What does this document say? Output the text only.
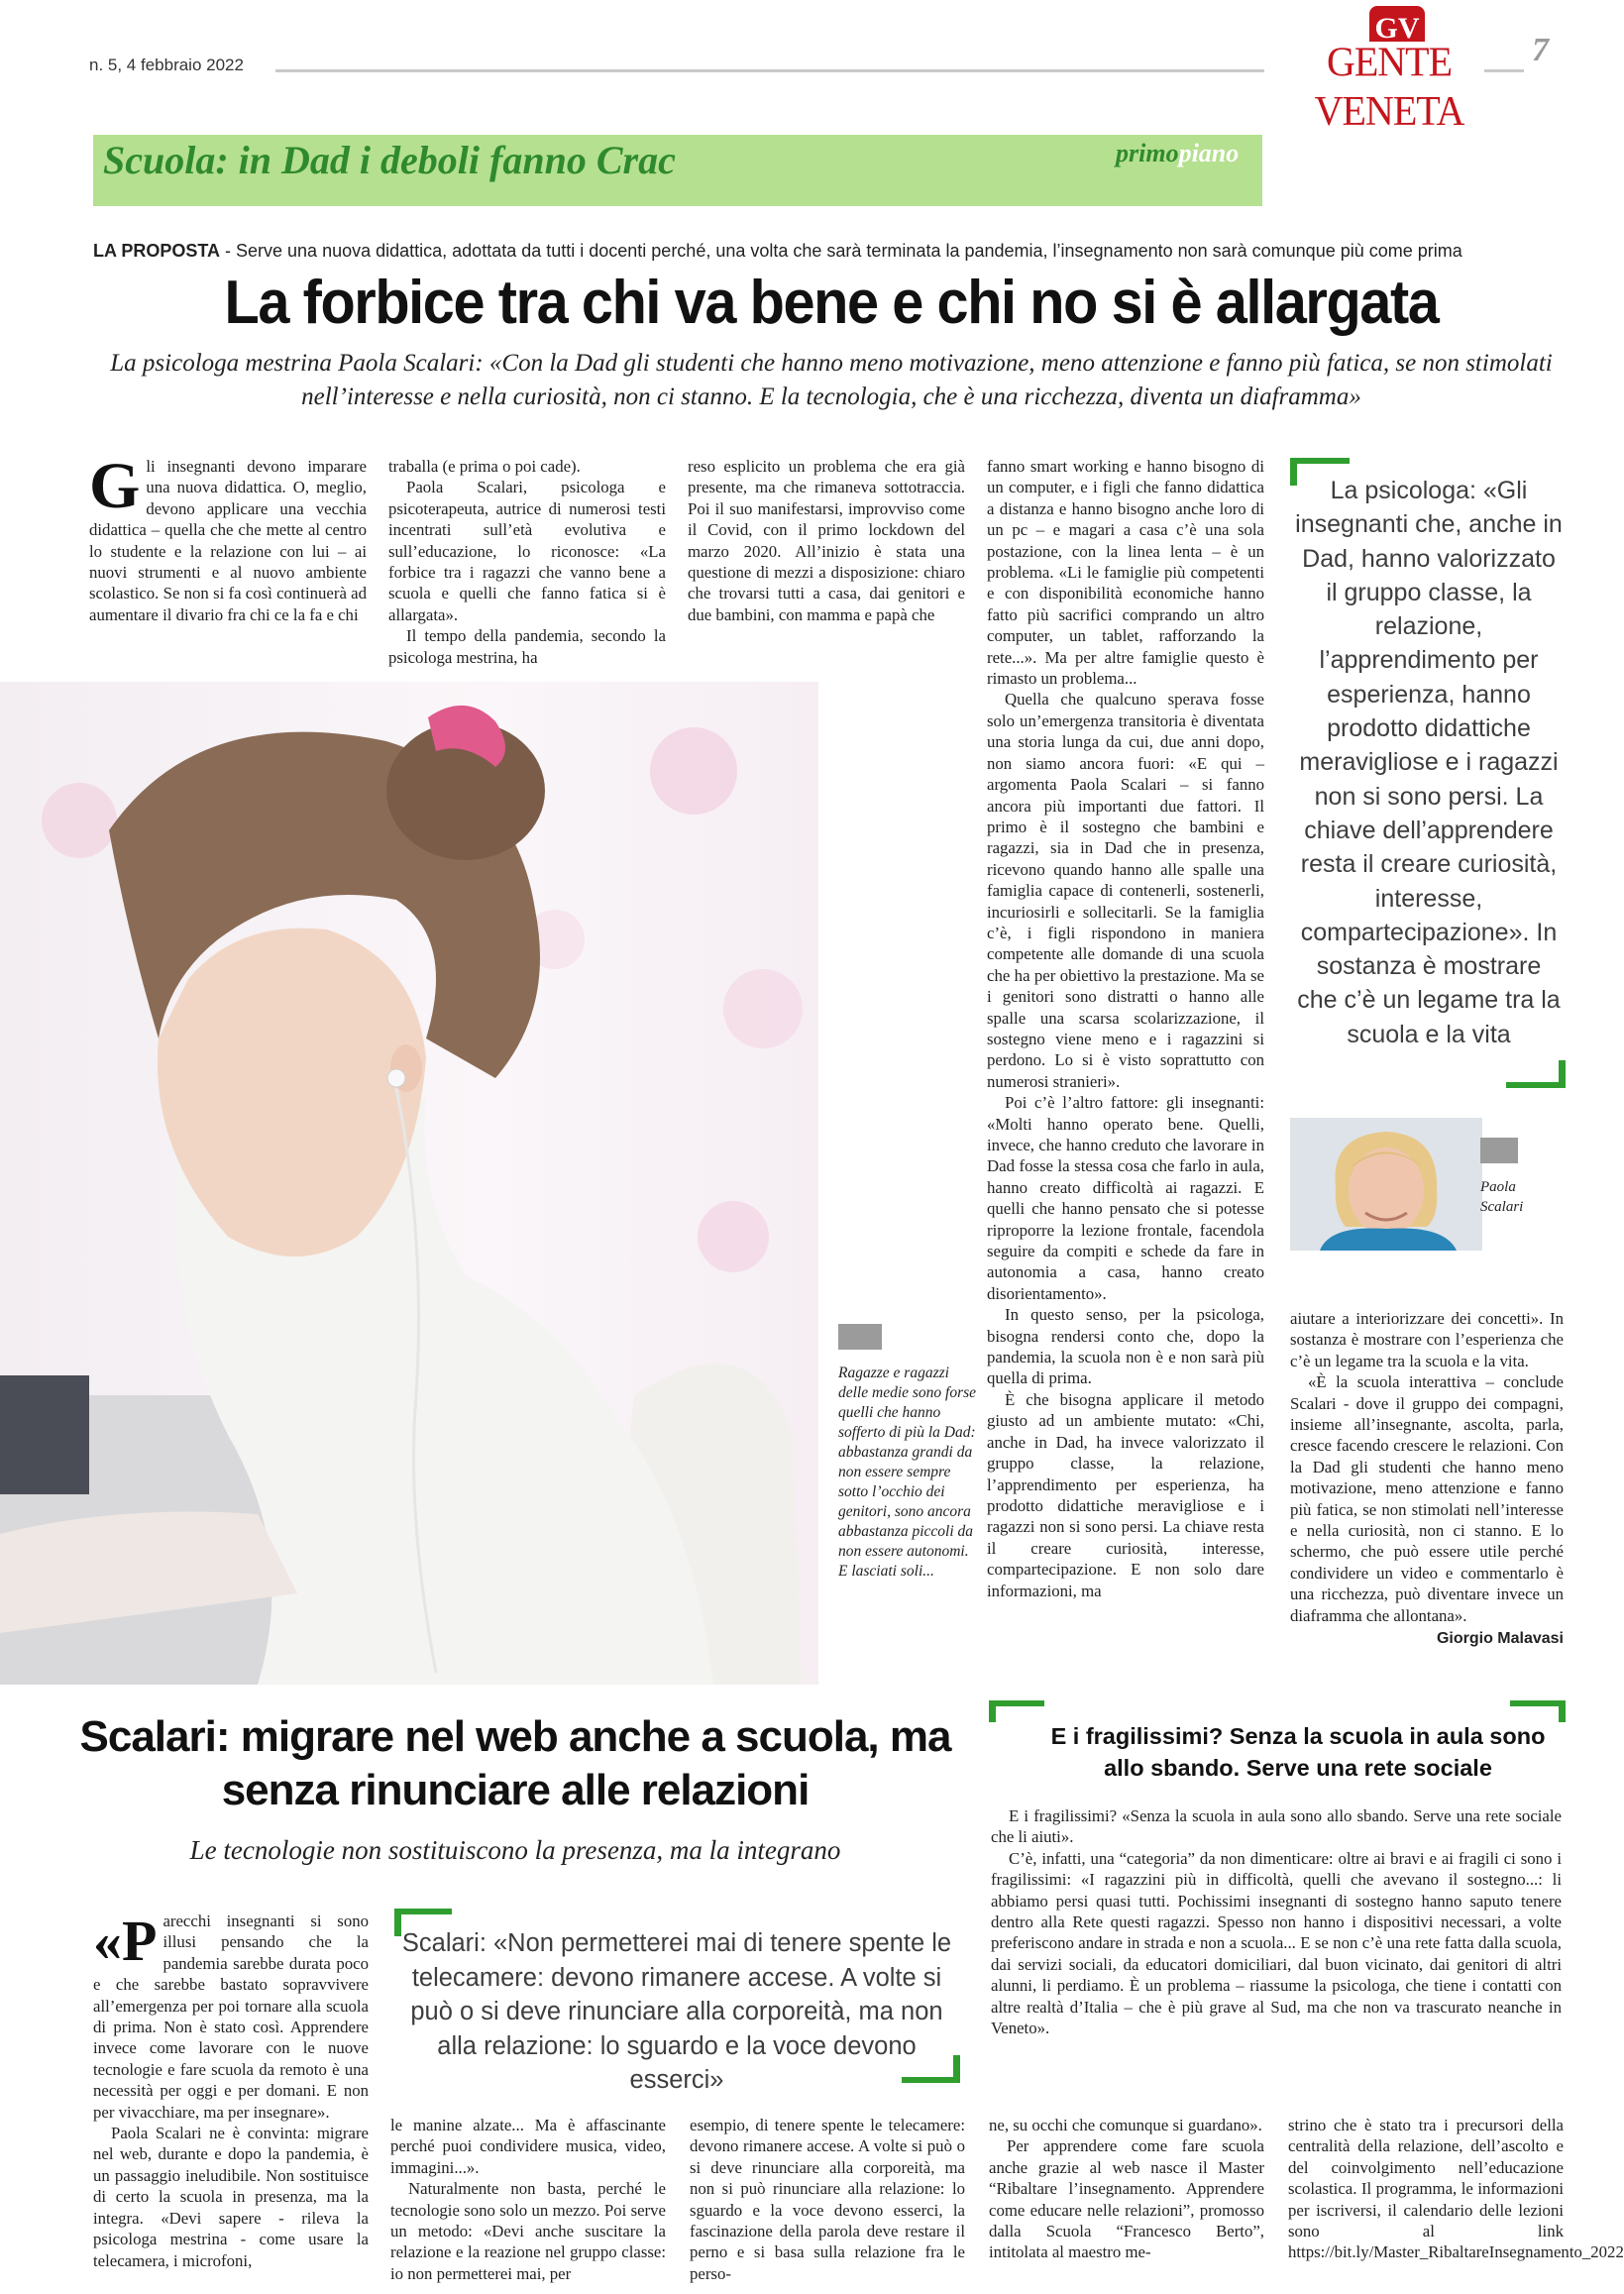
n. 5, 4 febbraio 2022
GV
GENTE VENETA
7
Scuola: in Dad i deboli fanno Crac	primopiano
LA PROPOSTA - Serve una nuova didattica, adottata da tutti i docenti perché, una volta che sarà terminata la pandemia, l’insegnamento non sarà comunque più come prima
La forbice tra chi va bene e chi no si è allargata
La psicologa mestrina Paola Scalari: «Con la Dad gli studenti che hanno meno motivazione, meno attenzione e fanno più fatica, se non stimolati nell’interesse e nella curiosità, non ci stanno. E la tecnologia, che è una ricchezza, diventa un diaframma»

Gli insegnanti devono imparare una nuova didattica. O, meglio, devono applicare una vecchia didattica – quella che che mette al centro lo studente e la relazione con lui – ai nuovi strumenti e al nuovo ambiente scolastico. Se non si fa così continuerà ad aumentare il divario fra chi ce la fa e chi

traballa (e prima o poi cade).

Paola Scalari, psicologa e psicoterapeuta, autrice di numerosi testi incentrati sull’età evolutiva e sull’educazione, lo riconosce: «La forbice tra i ragazzi che vanno bene a scuola e quelli che fanno fatica si è allargata».

Il tempo della pandemia, secondo la psicologa mestrina, ha

reso esplicito un problema che era già presente, ma che rimaneva sottotraccia. Poi il suo manifestarsi, improvviso come il Covid, con il primo lockdown del marzo 2020. All’inizio è stata una questione di mezzi a disposizione: chiaro che trovarsi tutti a casa, dai genitori e due bambini, con mamma e papà che

Ragazze e ragazzi delle medie sono forse quelli che hanno sofferto di più la Dad: abbastanza grandi da non essere sempre sotto l’occhio dei genitori, sono ancora abbastanza piccoli da non essere autonomi. E lasciati soli...

fanno smart working e hanno bisogno di un computer, e i figli che fanno didattica a distanza e hanno bisogno anche loro di un pc – e magari a casa c’è una sola postazione, con la linea lenta – è un problema. «Li le famiglie più competenti e con disponibilità economiche hanno fatto più sacrifici comprando un altro computer, un tablet, rafforzando la rete...». Ma per altre famiglie questo è rimasto un problema...

Quella che qualcuno sperava fosse solo un’emergenza transitoria è diventata una storia lunga da cui, due anni dopo, non siamo ancora fuori: «E qui – argomenta Paola Scalari – si fanno ancora più importanti due fattori. Il primo è il sostegno che bambini e ragazzi, sia in Dad che in presenza, ricevono quando hanno alle spalle una famiglia capace di contenerli, sostenerli, incuriosirli e sollecitarli. Se la famiglia c’è, i figli rispondono in maniera competente alle domande di una scuola che ha per obiettivo la prestazione. Ma se i genitori sono distratti o hanno alle spalle una scarsa scolarizzazione, il sostegno viene meno e i ragazzini si perdono. Lo si è visto soprattutto con numerosi stranieri».

Poi c’è l’altro fattore: gli insegnanti: «Molti hanno operato bene. Quelli, invece, che hanno creduto che lavorare in Dad fosse la stessa cosa che farlo in aula, hanno creato difficoltà ai ragazzi. E quelli che hanno pensato che si potesse riproporre la lezione frontale, facendola seguire da compiti e schede da fare in autonomia a casa, hanno creato disorientamento».

In questo senso, per la psicologa, bisogna rendersi conto che, dopo la pandemia, la scuola non è e non sarà più quella di prima.

È che bisogna applicare il metodo giusto ad un ambiente mutato: «Chi, anche in Dad, ha invece valorizzato il gruppo classe, la relazione, l’apprendimento per esperienza, ha prodotto didattiche meravigliose e i ragazzi non si sono persi. La chiave resta il creare curiosità, interesse, compartecipazione. E non solo dare informazioni, ma

La psicologa: «Gli insegnanti che, anche in Dad, hanno valorizzato il gruppo classe, la relazione, l’apprendimento per esperienza, hanno prodotto didattiche meravigliose e i ragazzi non si sono persi. La chiave dell’apprendere resta il creare curiosità, interesse, compartecipazione». In sostanza è mostrare che c’è un legame tra la scuola e la vita
Paola Scalari

aiutare a interiorizzare dei concetti». In sostanza è mostrare con l’esperienza che c’è un legame tra la scuola e la vita.

«È la scuola interattiva – conclude Scalari - dove il gruppo dei compagni, insieme all’insegnante, ascolta, parla, cresce facendo crescere le relazioni. Con la Dad gli studenti che hanno meno motivazione, meno attenzione e fanno più fatica, se non stimolati nell’interesse e nella curiosità, non ci stanno. E lo schermo, che può essere utile perché condividere un video e commentarlo è una ricchezza, può diventare invece un diaframma che allontana».

Giorgio Malavasi
Scalari: migrare nel web anche a scuola, ma senza rinunciare alle relazioni
Le tecnologie non sostituiscono la presenza, ma la integrano

«Parecchi insegnanti si sono illusi pensando che la pandemia sarebbe durata poco e che sarebbe bastato sopravvivere all’emergenza per poi tornare alla scuola di prima. Non è stato così. Apprendere invece come lavorare con le nuove tecnologie e fare scuola da remoto è una necessità per oggi e per domani. E non per vivacchiare, ma per insegnare».

Paola Scalari ne è convinta: migrare nel web, durante e dopo la pandemia, è un passaggio ineludibile. Non sostituisce di certo la scuola in presenza, ma la integra. «Devi sapere - rileva la psicologa mestrina - come usare la telecamera, i microfoni,

Scalari: «Non permetterei mai di tenere spente le telecamere: devono rimanere accese. A volte si può o si deve rinunciare alla corporeità, ma non alla relazione: lo sguardo e la voce devono esserci»

le manine alzate... Ma è affascinante perché puoi condividere musica, video, immagini...».

Naturalmente non basta, perché le tecnologie sono solo un mezzo. Poi serve un metodo: «Devi anche suscitare la relazione e la reazione nel gruppo classe: io non permetterei mai, per

esempio, di tenere spente le telecamere: devono rimanere accese. A volte si può o si deve rinunciare alla corporeità, ma non si può rinunciare alla relazione: lo sguardo e la voce devono esserci, la fascinazione della parola deve restare il perno e si basa sulla relazione fra le perso-

ne, su occhi che comunque si guardano».

Per apprendere come fare scuola anche grazie al web nasce il Master “Ribaltare l’insegnamento. Apprendere come educare nelle relazioni”, promosso dalla Scuola “Francesco Berto”, intitolata al maestro me-

strino che è stato tra i precursori della centralità della relazione, dell’ascolto e del coinvolgimento nell’educazione scolastica. Il programma, le informazioni per iscriversi, il calendario delle lezioni sono al link https://bit.ly/Master_RibaltareInsegnamento_2022

E i fragilissimi? Senza la scuola in aula sono allo sbando. Serve una rete sociale

E i fragilissimi? «Senza la scuola in aula sono allo sbando. Serve una rete sociale che li aiuti».

C’è, infatti, una “categoria” da non dimenticare: oltre ai bravi e ai fragili ci sono i fragilissimi: «I ragazzini più in difficoltà, quelli che avevano il sostegno...: li abbiamo persi quasi tutti. Pochissimi insegnanti di sostegno hanno saputo tenere dentro alla Rete questi ragazzi. Spesso non hanno i dispositivi necessari, a volte preferiscono andare in strada e non a scuola... E se non c’è una rete fatta dalla scuola, dai servizi sociali, da educatori domiciliari, dal buon vicinato, dai genitori di altri alunni, li perdiamo. È un problema – riassume la psicologa, che tiene i contatti con altre realtà d’Italia – che è più grave al Sud, ma che non va trascurato neanche in Veneto».
